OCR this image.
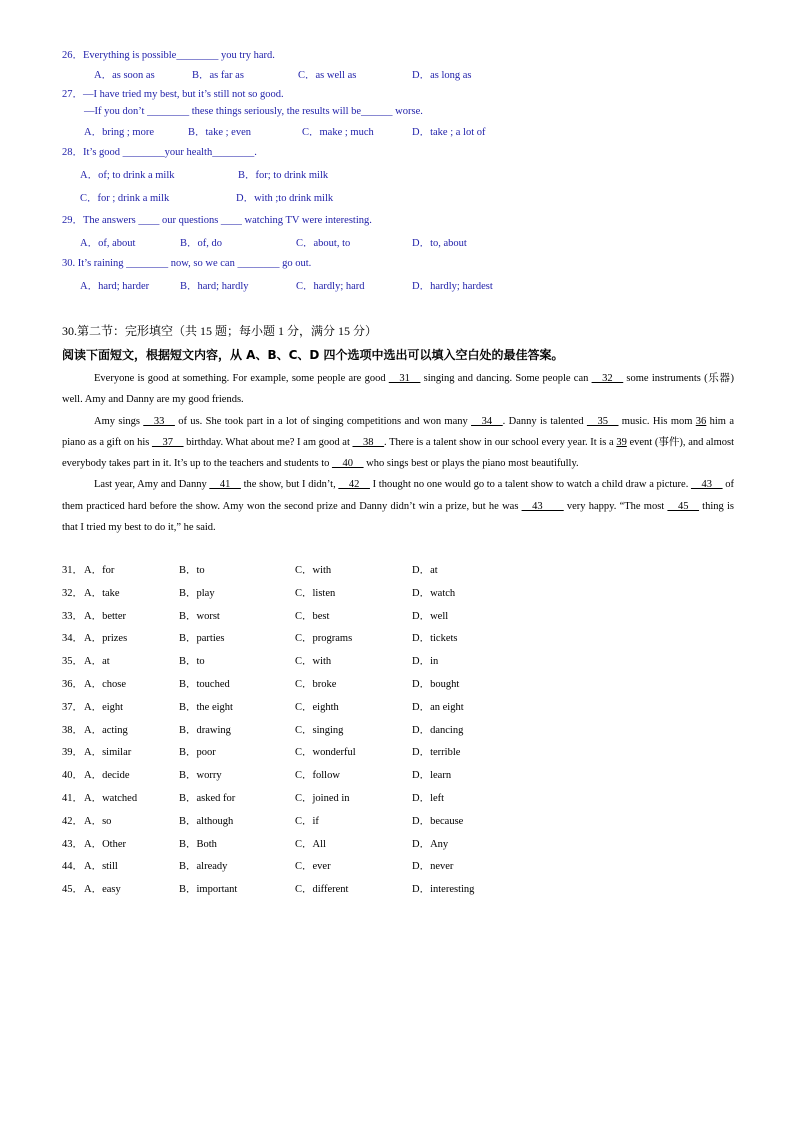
26．Everything is possible________ you try hard.
A．as soon as	B．as far as	C．as well as	D．as long as
27．—I have tried my best, but it’s still not so good.
—If you don’t ________ these things seriously, the results will be______ worse.
A．bring ; more	B．take ; even	C．make ; much	D．take ; a lot of
28．It’s good ________your health________.
A．of; to drink a milk	B．for; to drink milk
C．for ; drink a milk	D．with ;to drink milk
29．The answers ____ our questions ____ watching TV were interesting.
A．of, about	B．of, do	C．about, to	D．to, about
30. It’s raining ________ now, so we can ________ go out.
A．hard; harder	B．hard; hardly	C．hardly; hard	D．hardly; hardest
30.第二节：完形填空（共 15 题；每小题 1 分，满分 15 分）
阅读下面短文，根据短文内容，从 A、B、C、D 四个选项中选出可以填入空白处的最佳答案。

Everyone is good at something. For example, some people are good __31__ singing and dancing. Some people can __32__ some instruments (乐器) well. Amy and Danny are my good friends.

Amy sings __33__ of us. She took part in a lot of singing competitions and won many __34__. Danny is talented __35__ music. His mom 36 him a piano as a gift on his __37__ birthday. What about me? I am good at __38__. There is a talent show in our school every year. It is a 39 event (事件), and almost everybody takes part in it. It’s up to the teachers and students to __40__ who sings best or plays the piano most beautifully.

Last year, Amy and Danny __41__ the show, but I didn’t, __42__ I thought no one would go to a talent show to watch a child draw a picture. __43__ of them practiced hard before the show. Amy won the second prize and Danny didn’t win a prize, but he was __43____ very happy. “The most __45__ thing is that I tried my best to do it,” he said.

31． A．for	B．to	C．with	D．at
32． A．take	B．play	C．listen	D．watch
33． A．better	B．worst	C．best	D．well
34． A．prizes	B．parties	C．programs	D．tickets
35． A．at	B．to	C．with	D．in
36． A．chose	B．touched	C．broke	D．bought
37． A．eight	B．the eight	C．eighth	D．an eight
38． A．acting	B．drawing	C．singing	D．dancing
39． A．similar	B．poor	C．wonderful	D．terrible
40． A．decide	B．worry	C．follow	D．learn
41． A．watched	B．asked for	C．joined in	D．left
42． A．so	B．although	C．if	D．because
43． A．Other	B．Both	C．All	D．Any
44． A．still	B．already	C．ever	D．never
45． A．easy	B．important	C．different	D．interesting
